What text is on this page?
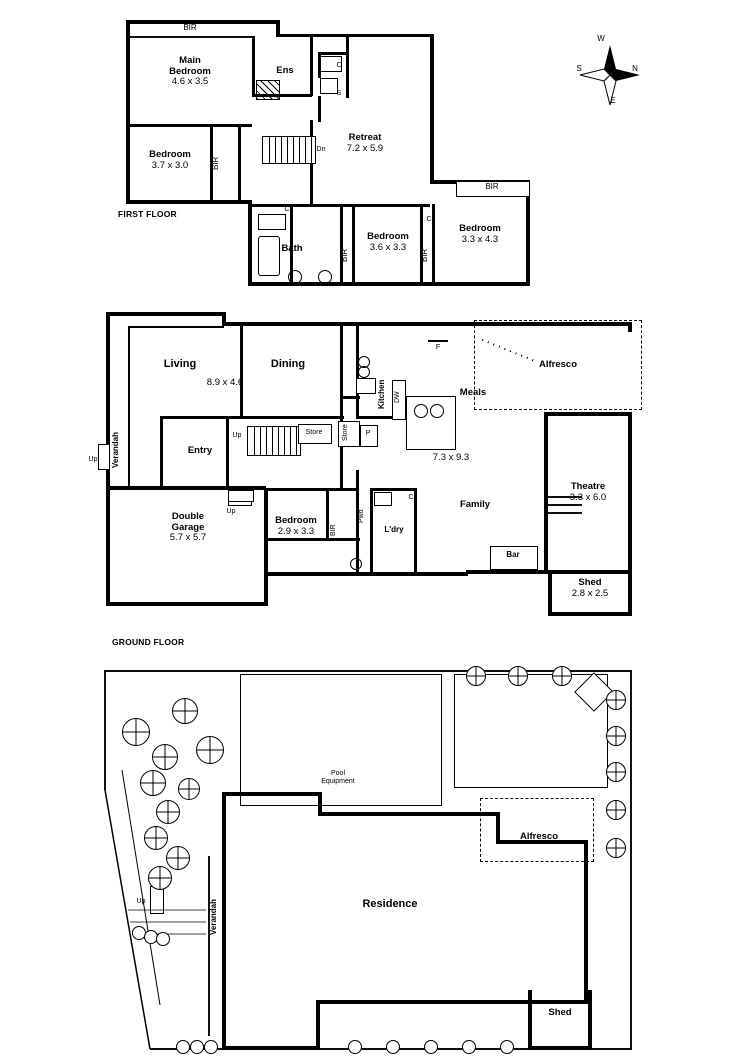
BIR
BIR
BIR
BIR	BIR
Dn
S
C
C
C
Main
Bedroom
4.6 x 3.5
Bedroom
3.7 x 3.0
Retreat
7.2 x 5.9
Bedroom
3.6 x 3.3
Bedroom
3.3 x 4.3
Ens
Bath
FIRST FLOOR
N
S
W
E
Verandah
Up
Up
Up
Store	Store	P
F
DW
Kitchen
Alfresco
L'dry
Pwd
C
Bar
BIR
Living
8.9 x 4.6
Dining
Meals
Family
7.3 x 9.3
Theatre
3.3 x 6.0
Shed
2.8 x 2.5
Double
Garage
5.7 x 5.7
Bedroom
2.9 x 3.3
Entry
GROUND FLOOR
Pool
Equipment
Residence
Alfresco
Shed
Verandah
Up
